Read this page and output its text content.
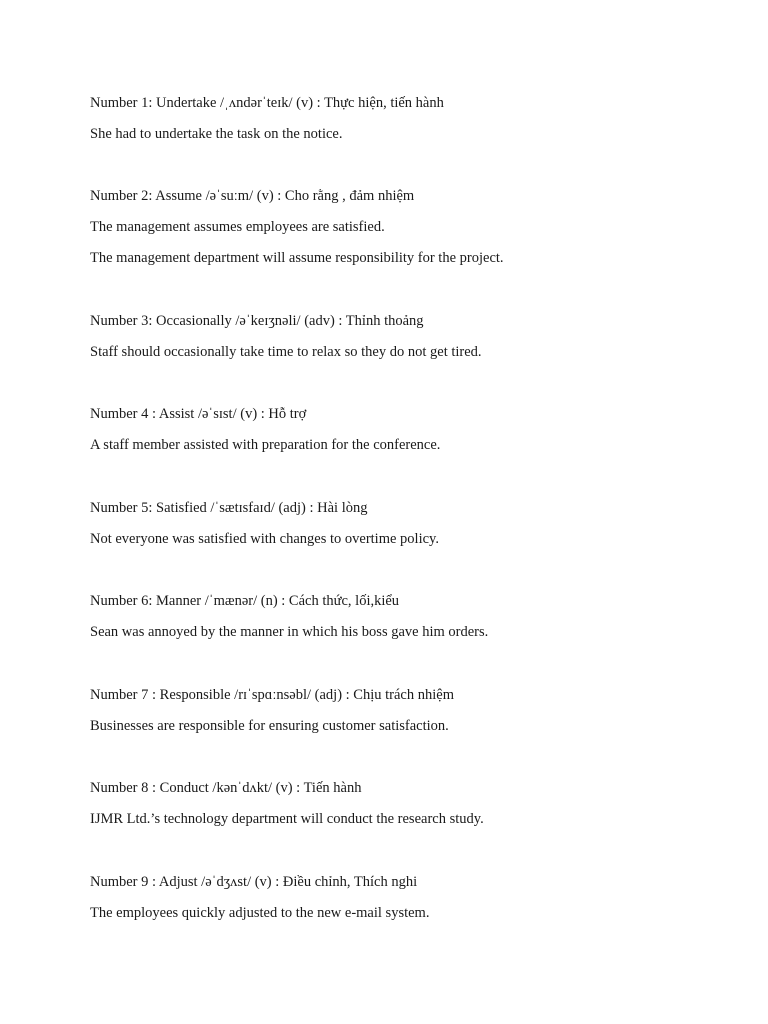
Number 1: Undertake /ˌʌndərˈteɪk/ (v) : Thực hiện, tiến hành
She had to undertake the task on the notice.
Number 2: Assume /əˈsuːm/ (v) : Cho rằng , đảm nhiệm
The management assumes employees are satisfied.
The management department will assume responsibility for the project.
Number 3: Occasionally /əˈkeɪʒnəli/ (adv) : Thỉnh thoảng
Staff should occasionally take time to relax so they do not get tired.
Number 4 : Assist /əˈsɪst/ (v) : Hỗ trợ
A staff member assisted with preparation for the conference.
Number 5: Satisfied /ˈsætɪsfaɪd/ (adj) : Hài lòng
Not everyone was satisfied with changes to overtime policy.
Number 6: Manner /ˈmænər/ (n) : Cách thức, lối,kiểu
Sean was annoyed by the manner in which his boss gave him orders.
Number 7 : Responsible /rɪˈspɑːnsəbl/ (adj) : Chịu trách nhiệm
Businesses are responsible for ensuring customer satisfaction.
Number 8 : Conduct /kənˈdʌkt/ (v) : Tiến hành
IJMR Ltd.’s technology department will conduct the research study.
Number 9 : Adjust /əˈdʒʌst/ (v) : Điều chỉnh, Thích nghi
The employees quickly adjusted to the new e-mail system.
